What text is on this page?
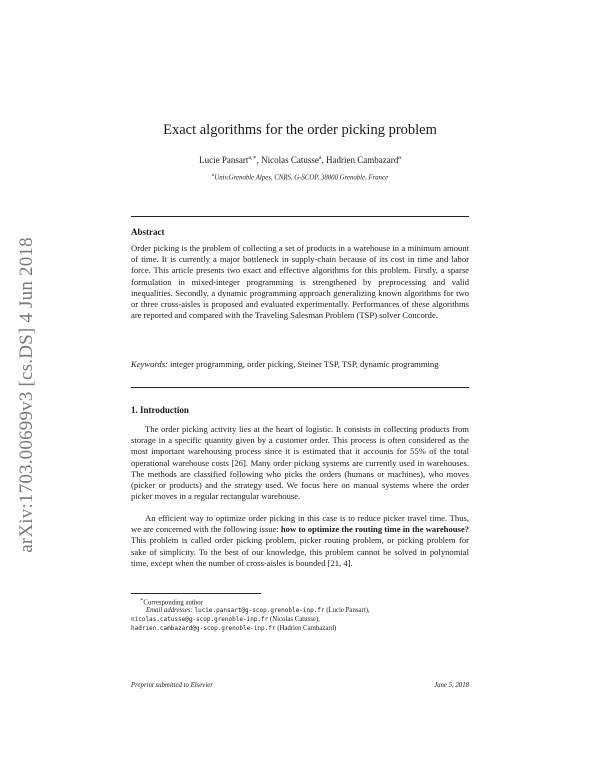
arXiv:1703.00699v3 [cs.DS] 4 Jun 2018
Exact algorithms for the order picking problem
Lucie Pansart$^{a,∗}$, Nicolas Catusse$^a$, Hadrien Cambazard$^a$
$^a$Univ.Grenoble Alpes, CNRS, G-SCOP, 38000 Grenoble, France
Abstract

Order picking is the problem of collecting a set of products in a warehouse in a minimum amount of time. It is currently a major bottleneck in supply-chain because of its cost in time and labor force. This article presents two exact and effective algorithms for this problem. Firstly, a sparse formulation in mixed-integer programming is strengthened by preprocessing and valid inequalities. Secondly, a dynamic programming approach generalizing known algorithms for two or three cross-aisles is proposed and evaluated experimentally. Performances of these algorithms are reported and compared with the Traveling Salesman Problem (TSP) solver Concorde.

Keywords: integer programming, order picking, Steiner TSP, TSP, dynamic programming

1. Introduction

The order picking activity lies at the heart of logistic. It consists in collecting products from storage in a specific quantity given by a customer order. This process is often considered as the most important warehousing process since it is estimated that it accounts for 55% of the total operational warehouse costs [26]. Many order picking systems are currently used in warehouses. The methods are classified following who picks the orders (humans or machines), who moves (picker or products) and the strategy used. We focus here on manual systems where the order picker moves in a regular rectangular warehouse.

An efficient way to optimize order picking in this case is to reduce picker travel time. Thus, we are concerned with the following issue: how to optimize the routing time in the warehouse? This problem is called order picking problem, picker routing problem, or picking problem for sake of simplicity. To the best of our knowledge, this problem cannot be solved in polynomial time, except when the number of cross-aisles is bounded [21, 4].

∗Corresponding author
Email addresses: lucie.pansart@g-scop.grenoble-inp.fr (Lucie Pansart),
nicolas.catusse@g-scop.grenoble-inp.fr (Nicolas Catusse),
hadrien.cambazard@g-scop.grenoble-inp.fr (Hadrien Cambazard)
Preprint submitted to Elsevier	June 5, 2018
